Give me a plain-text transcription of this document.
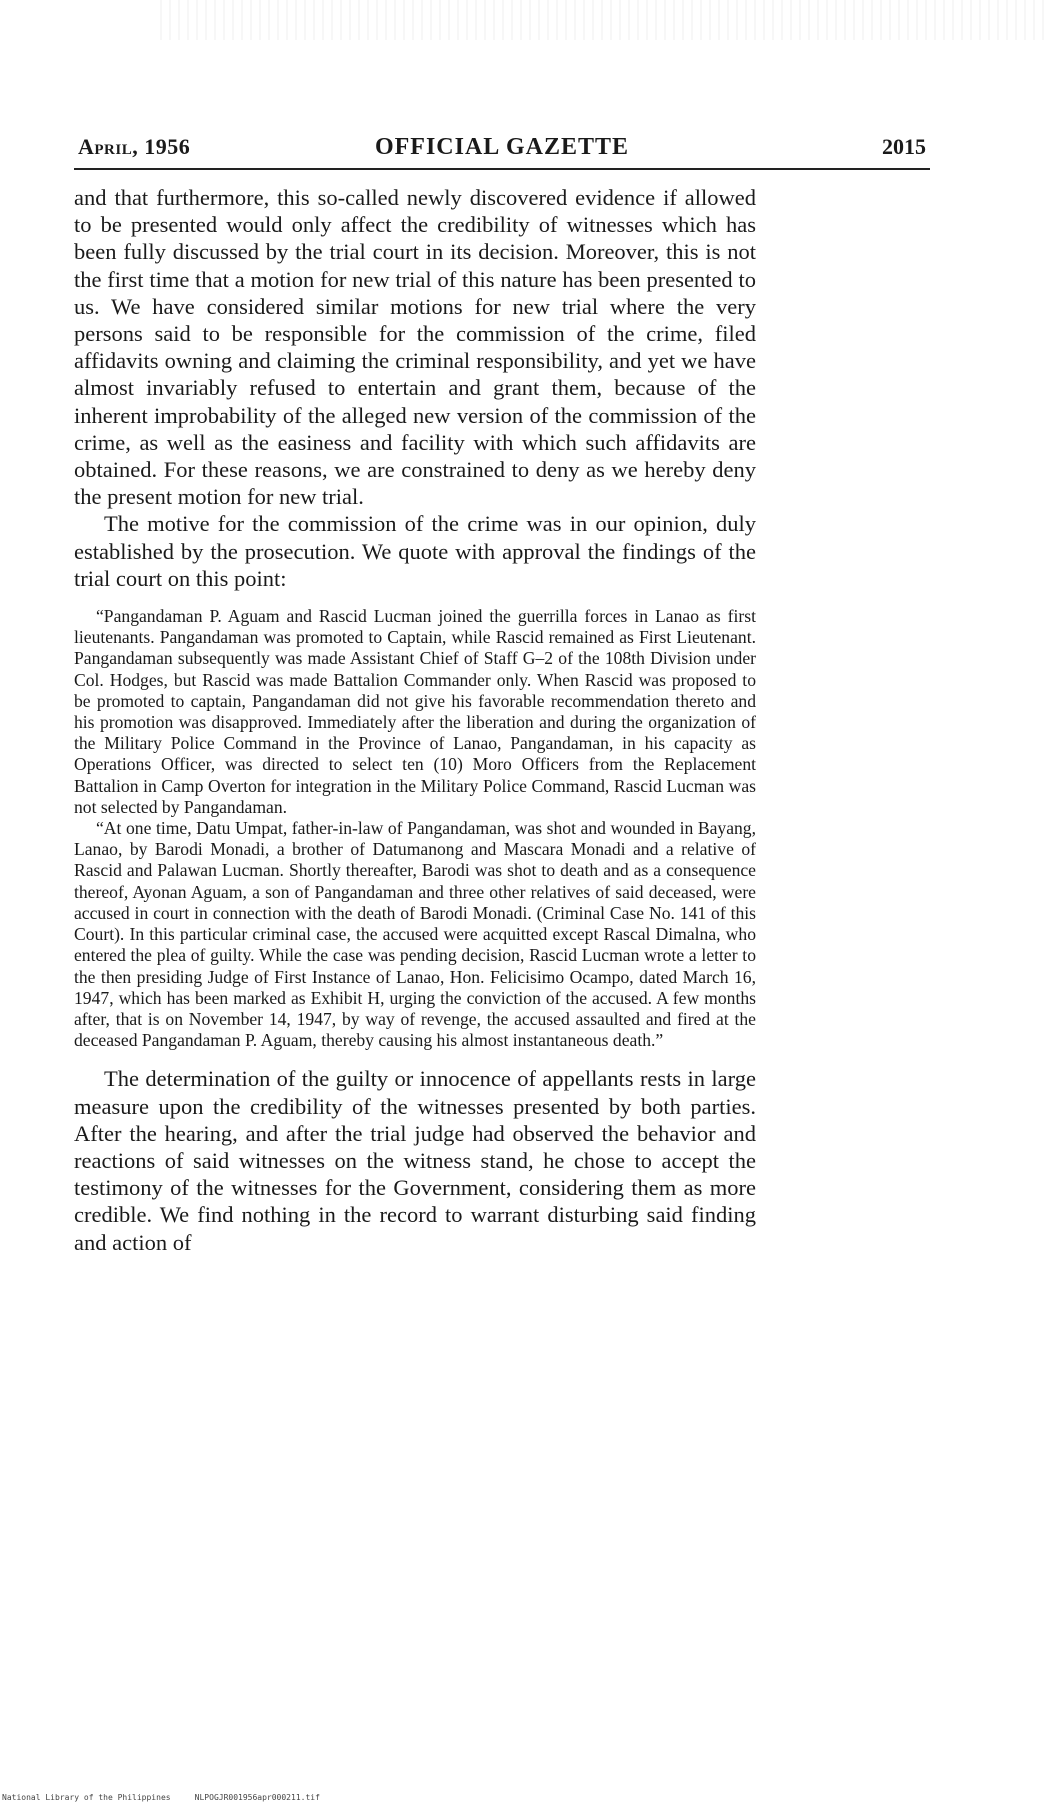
April, 1956	OFFICIAL GAZETTE	2015

and that furthermore, this so-called newly discovered evidence if allowed to be presented would only affect the credibility of witnesses which has been fully discussed by the trial court in its decision. Moreover, this is not the first time that a motion for new trial of this nature has been presented to us. We have considered similar motions for new trial where the very persons said to be responsible for the commission of the crime, filed affidavits owning and claiming the criminal responsibility, and yet we have almost invariably refused to entertain and grant them, because of the inherent improbability of the alleged new version of the commission of the crime, as well as the easiness and facility with which such affidavits are obtained. For these reasons, we are constrained to deny as we hereby deny the present motion for new trial.

The motive for the commission of the crime was in our opinion, duly established by the prosecution. We quote with approval the findings of the trial court on this point:

“Pangandaman P. Aguam and Rascid Lucman joined the guerrilla forces in Lanao as first lieutenants. Pangandaman was promoted to Captain, while Rascid remained as First Lieutenant. Pangandaman subsequently was made Assistant Chief of Staff G–2 of the 108th Division under Col. Hodges, but Rascid was made Battalion Commander only. When Rascid was proposed to be promoted to captain, Pangandaman did not give his favorable recommendation thereto and his promotion was disapproved. Immediately after the liberation and during the organization of the Military Police Command in the Province of Lanao, Pangandaman, in his capacity as Operations Officer, was directed to select ten (10) Moro Officers from the Replacement Battalion in Camp Overton for integration in the Military Police Command, Rascid Lucman was not selected by Pangandaman.

“At one time, Datu Umpat, father-in-law of Pangandaman, was shot and wounded in Bayang, Lanao, by Barodi Monadi, a brother of Datumanong and Mascara Monadi and a relative of Rascid and Palawan Lucman. Shortly thereafter, Barodi was shot to death and as a consequence thereof, Ayonan Aguam, a son of Pangandaman and three other relatives of said deceased, were accused in court in connection with the death of Barodi Monadi. (Criminal Case No. 141 of this Court). In this particular criminal case, the accused were acquitted except Rascal Dimalna, who entered the plea of guilty. While the case was pending decision, Rascid Lucman wrote a letter to the then presiding Judge of First Instance of Lanao, Hon. Felicisimo Ocampo, dated March 16, 1947, which has been marked as Exhibit H, urging the conviction of the accused. A few months after, that is on November 14, 1947, by way of revenge, the accused assaulted and fired at the deceased Pangandaman P. Aguam, thereby causing his almost instantaneous death.”

The determination of the guilty or innocence of appellants rests in large measure upon the credibility of the witnesses presented by both parties. After the hearing, and after the trial judge had observed the behavior and reactions of said witnesses on the witness stand, he chose to accept the testimony of the witnesses for the Government, considering them as more credible. We find nothing in the record to warrant disturbing said finding and action of

National Library of the Philippines	NLPOGJR001956apr000211.tif
